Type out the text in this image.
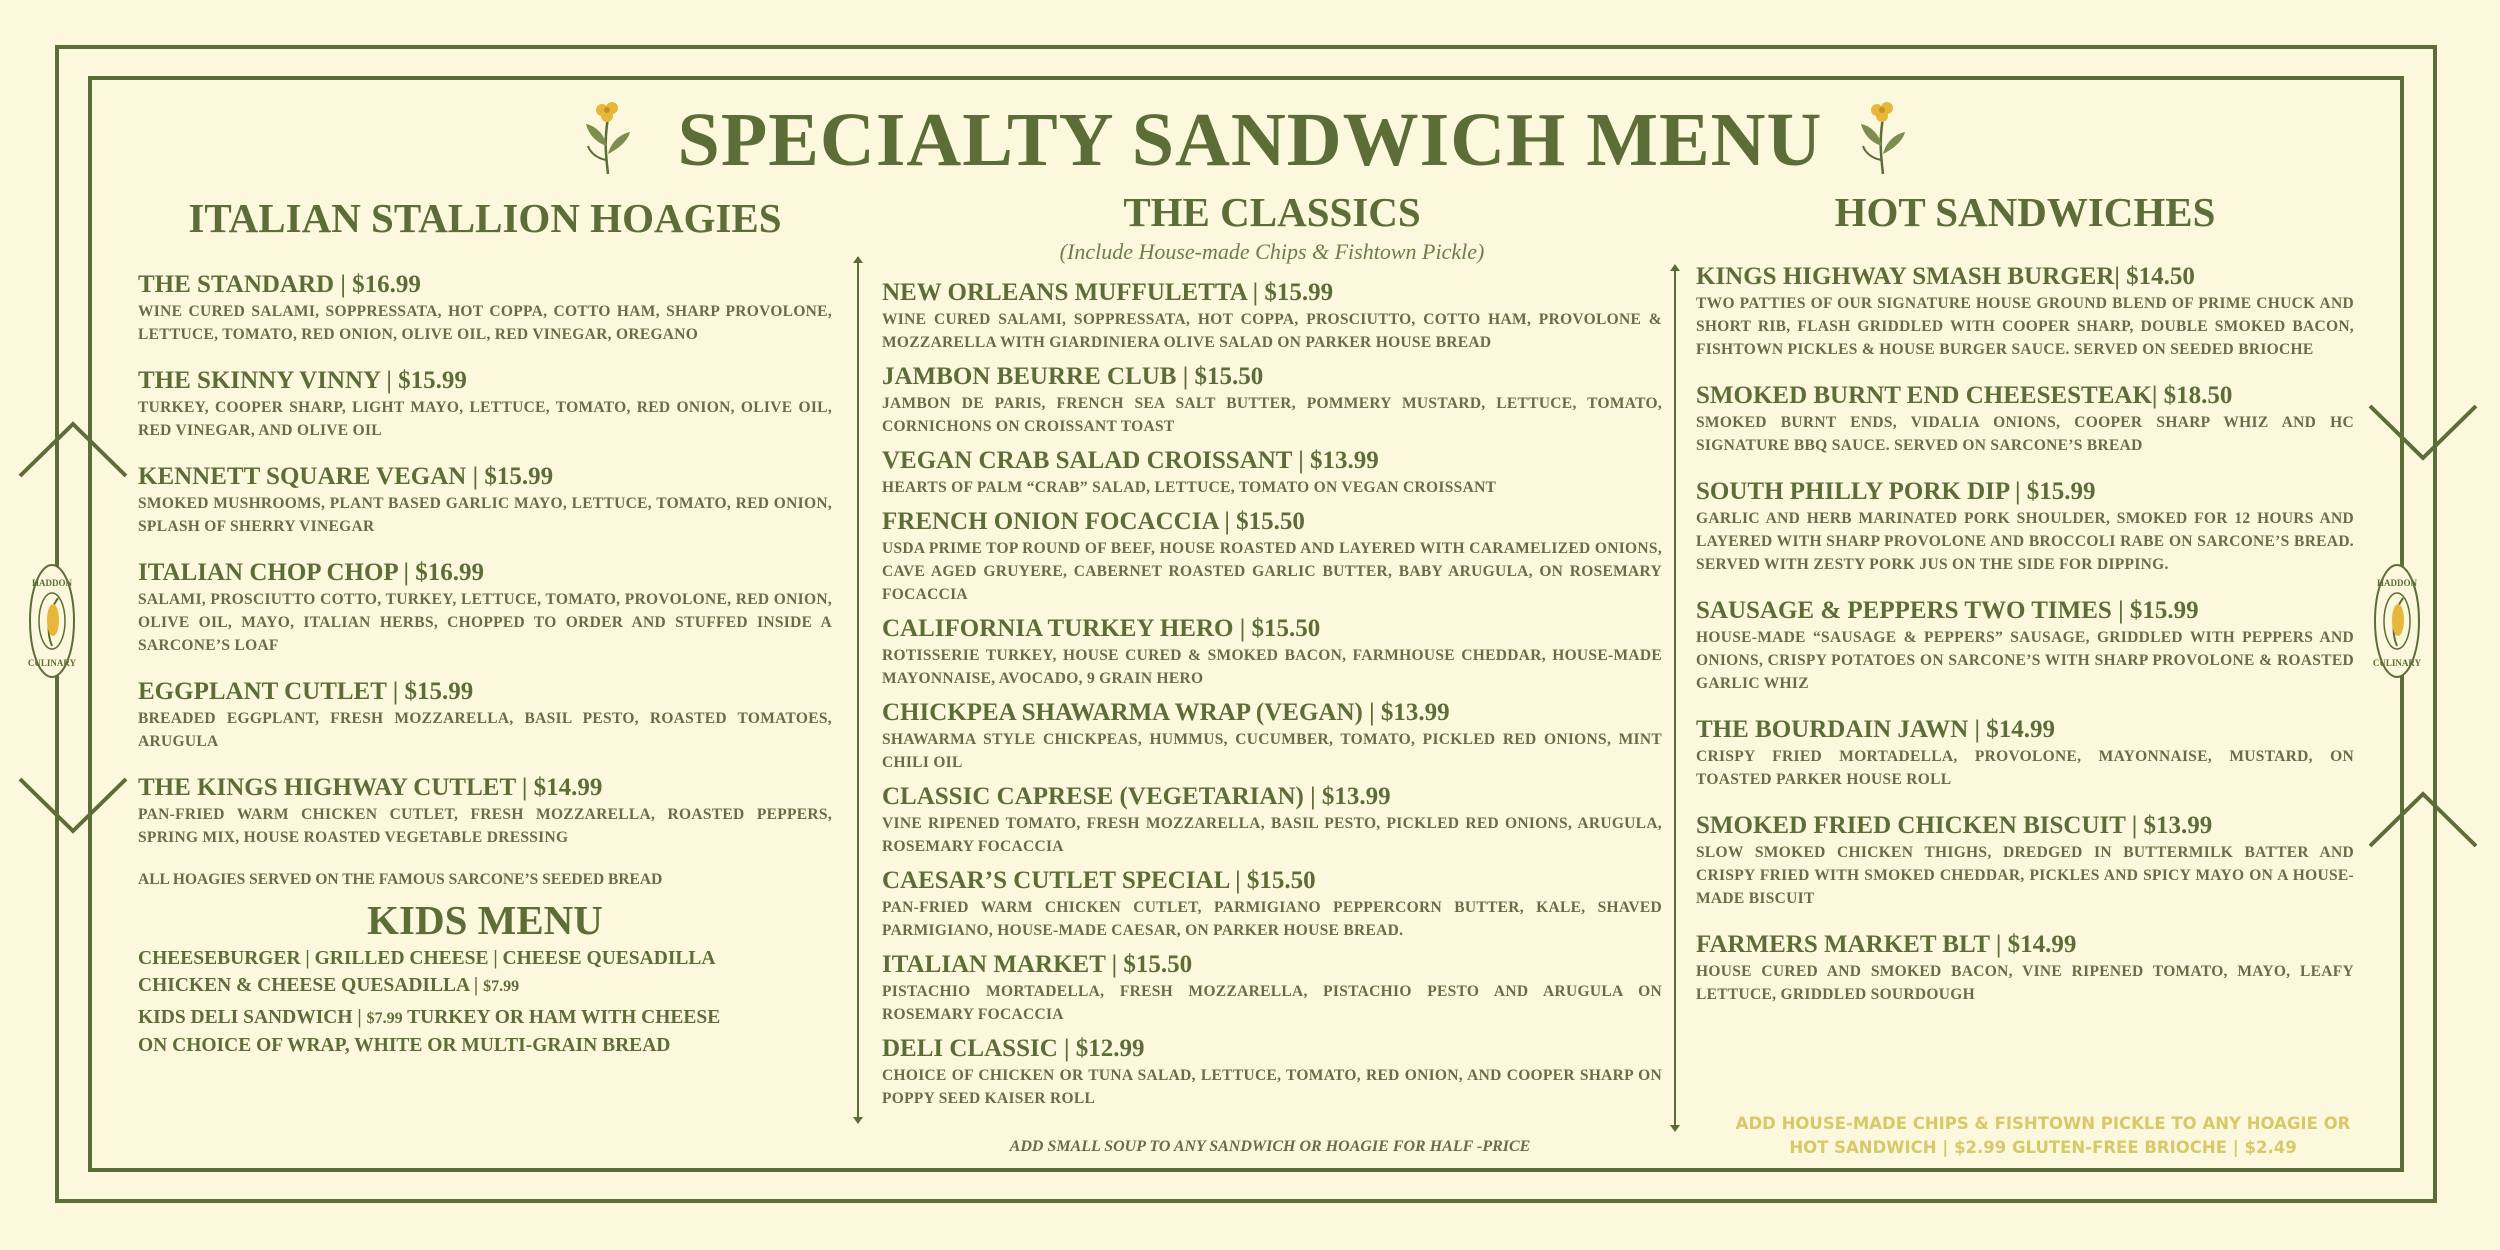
HADDON
CULINARY
HADDON
CULINARY
SPECIALTY SANDWICH MENU
ITALIAN STALLION HOAGIES

THE STANDARD | $16.99

WINE CURED SALAMI, SOPPRESSATA, HOT COPPA, COTTO HAM, SHARP PROVOLONE, LETTUCE, TOMATO, RED ONION, OLIVE OIL, RED VINEGAR, OREGANO

THE SKINNY VINNY | $15.99

TURKEY, COOPER SHARP, LIGHT MAYO, LETTUCE, TOMATO, RED ONION, OLIVE OIL, RED VINEGAR, AND OLIVE OIL

KENNETT SQUARE VEGAN | $15.99

SMOKED MUSHROOMS, PLANT BASED GARLIC MAYO, LETTUCE, TOMATO, RED ONION, SPLASH OF SHERRY VINEGAR

ITALIAN CHOP CHOP | $16.99

SALAMI, PROSCIUTTO COTTO, TURKEY, LETTUCE, TOMATO, PROVOLONE, RED ONION, OLIVE OIL, MAYO, ITALIAN HERBS, CHOPPED TO ORDER AND STUFFED INSIDE A SARCONE’S LOAF

EGGPLANT CUTLET | $15.99

BREADED EGGPLANT, FRESH MOZZARELLA, BASIL PESTO, ROASTED TOMATOES, ARUGULA

THE KINGS HIGHWAY CUTLET | $14.99

PAN-FRIED WARM CHICKEN CUTLET, FRESH MOZZARELLA, ROASTED PEPPERS, SPRING MIX, HOUSE ROASTED VEGETABLE DRESSING

ALL HOAGIES SERVED ON THE FAMOUS SARCONE’S SEEDED BREAD

KIDS MENU

CHEESEBURGER | GRILLED CHEESE | CHEESE QUESADILLA

CHICKEN & CHEESE QUESADILLA | $7.99

KIDS DELI SANDWICH | $7.99 TURKEY OR HAM WITH CHEESE

ON CHOICE OF WRAP, WHITE OR MULTI-GRAIN BREAD

THE CLASSICS

(Include House-made Chips & Fishtown Pickle)

NEW ORLEANS MUFFULETTA | $15.99

WINE CURED SALAMI, SOPPRESSATA, HOT COPPA, PROSCIUTTO, COTTO HAM, PROVOLONE & MOZZARELLA WITH GIARDINIERA OLIVE SALAD ON PARKER HOUSE BREAD

JAMBON BEURRE CLUB | $15.50

JAMBON DE PARIS, FRENCH SEA SALT BUTTER, POMMERY MUSTARD, LETTUCE, TOMATO, CORNICHONS ON CROISSANT TOAST

VEGAN CRAB SALAD CROISSANT | $13.99

HEARTS OF PALM “CRAB” SALAD, LETTUCE, TOMATO ON VEGAN CROISSANT

FRENCH ONION FOCACCIA | $15.50

USDA PRIME TOP ROUND OF BEEF, HOUSE ROASTED AND LAYERED WITH CARAMELIZED ONIONS, CAVE AGED GRUYERE, CABERNET ROASTED GARLIC BUTTER, BABY ARUGULA, ON ROSEMARY FOCACCIA

CALIFORNIA TURKEY HERO | $15.50

ROTISSERIE TURKEY, HOUSE CURED & SMOKED BACON, FARMHOUSE CHEDDAR, HOUSE-MADE MAYONNAISE, AVOCADO, 9 GRAIN HERO

CHICKPEA SHAWARMA WRAP (VEGAN) | $13.99

SHAWARMA STYLE CHICKPEAS, HUMMUS, CUCUMBER, TOMATO, PICKLED RED ONIONS, MINT CHILI OIL

CLASSIC CAPRESE (VEGETARIAN) | $13.99

VINE RIPENED TOMATO, FRESH MOZZARELLA, BASIL PESTO, PICKLED RED ONIONS, ARUGULA, ROSEMARY FOCACCIA

CAESAR’S CUTLET SPECIAL | $15.50

PAN-FRIED WARM CHICKEN CUTLET, PARMIGIANO PEPPERCORN BUTTER, KALE, SHAVED PARMIGIANO, HOUSE-MADE CAESAR, ON PARKER HOUSE BREAD.

ITALIAN MARKET | $15.50

PISTACHIO MORTADELLA, FRESH MOZZARELLA, PISTACHIO PESTO AND ARUGULA ON ROSEMARY FOCACCIA

DELI CLASSIC | $12.99

CHOICE OF CHICKEN OR TUNA SALAD, LETTUCE, TOMATO, RED ONION, AND COOPER SHARP ON POPPY SEED KAISER ROLL

ADD SMALL SOUP TO ANY SANDWICH OR HOAGIE FOR HALF -PRICE
HOT SANDWICHES

KINGS HIGHWAY SMASH BURGER| $14.50

TWO PATTIES OF OUR SIGNATURE HOUSE GROUND BLEND OF PRIME CHUCK AND SHORT RIB, FLASH GRIDDLED WITH COOPER SHARP, DOUBLE SMOKED BACON, FISHTOWN PICKLES & HOUSE BURGER SAUCE. SERVED ON SEEDED BRIOCHE

SMOKED BURNT END CHEESESTEAK| $18.50

SMOKED BURNT ENDS, VIDALIA ONIONS, COOPER SHARP WHIZ AND HC SIGNATURE BBQ SAUCE. SERVED ON SARCONE’S BREAD

SOUTH PHILLY PORK DIP | $15.99

GARLIC AND HERB MARINATED PORK SHOULDER, SMOKED FOR 12 HOURS AND LAYERED WITH SHARP PROVOLONE AND BROCCOLI RABE ON SARCONE’S BREAD. SERVED WITH ZESTY PORK JUS ON THE SIDE FOR DIPPING.

SAUSAGE & PEPPERS TWO TIMES | $15.99

HOUSE-MADE “SAUSAGE & PEPPERS” SAUSAGE, GRIDDLED WITH PEPPERS AND ONIONS, CRISPY POTATOES ON SARCONE’S WITH SHARP PROVOLONE & ROASTED GARLIC WHIZ

THE BOURDAIN JAWN | $14.99

CRISPY FRIED MORTADELLA, PROVOLONE, MAYONNAISE, MUSTARD, ON TOASTED PARKER HOUSE ROLL

SMOKED FRIED CHICKEN BISCUIT | $13.99

SLOW SMOKED CHICKEN THIGHS, DREDGED IN BUTTERMILK BATTER AND CRISPY FRIED WITH SMOKED CHEDDAR, PICKLES AND SPICY MAYO ON A HOUSE-MADE BISCUIT

FARMERS MARKET BLT | $14.99

HOUSE CURED AND SMOKED BACON, VINE RIPENED TOMATO, MAYO, LEAFY LETTUCE, GRIDDLED SOURDOUGH

ADD HOUSE-MADE CHIPS & FISHTOWN PICKLE TO ANY HOAGIE OR
HOT SANDWICH | $2.99 GLUTEN-FREE BRIOCHE | $2.49
